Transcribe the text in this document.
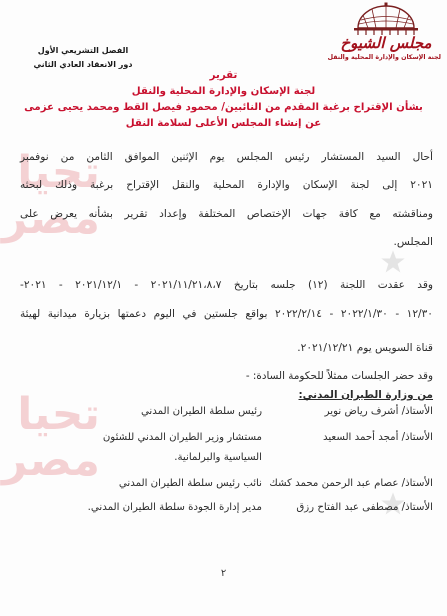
تحيا
مصر
تحيا
مصر
مجلس الشيوخ
لجنة الإسكان والإدارة المحلية والنقل
الفصل التشريعي الأول
دور الانعقاد العادي الثاني
تقرير
لجنة الإسكان والإدارة المحلية والنقل
بشأن الإقتراح برغبة المقدم من النائبين/ محمود فيصل القط ومحمد يحيى عزمى
عن إنشاء المجلس الأعلى لسلامة النقل
أحال السيد المستشار رئيس المجلس يوم الإثنين الموافق الثامن من نوفمبر
٢٠٢١ إلى لجنة الإسكان والإدارة المحلية والنقل الإقتراح برغبة وذلك لبحثه
ومناقشته مع كافة جهات الإختصاص المختلفة وإعداد تقرير بشأنه يعرض على
المجلس.
وقد عقدت اللجنة (١٢) جلسه بتاريخ ٢٠٢١/١١/٢١،٨،٧ - ٢٠٢١/١٢/١ - ٢٠٢١-
١٢/٣٠ - ٢٠٢٢/١/٣٠ - ٢٠٢٢/٢/١٤ بواقع جلستين في اليوم دعمتها بزيارة ميدانية لهيئة
قناة السويس يوم ٢٠٢١/١٢/٢١.
وقد حضر الجلسات ممثلاً للحكومة السادة: -
من وزارة الطيران المدني:
الأستاذ/ أشرف رياض نوير
رئيس سلطة الطيران المدني
الأستاذ/ أمجد أحمد السعيد
مستشار وزير الطيران المدني للشئون
السياسية والبرلمانية.
الأستاذ/ عصام عبد الرحمن محمد كشك
نائب رئيس سلطة الطيران المدني
الأستاذ/ مصطفى عبد الفتاح رزق
مدير إدارة الجودة سلطة الطيران المدني.
٢
